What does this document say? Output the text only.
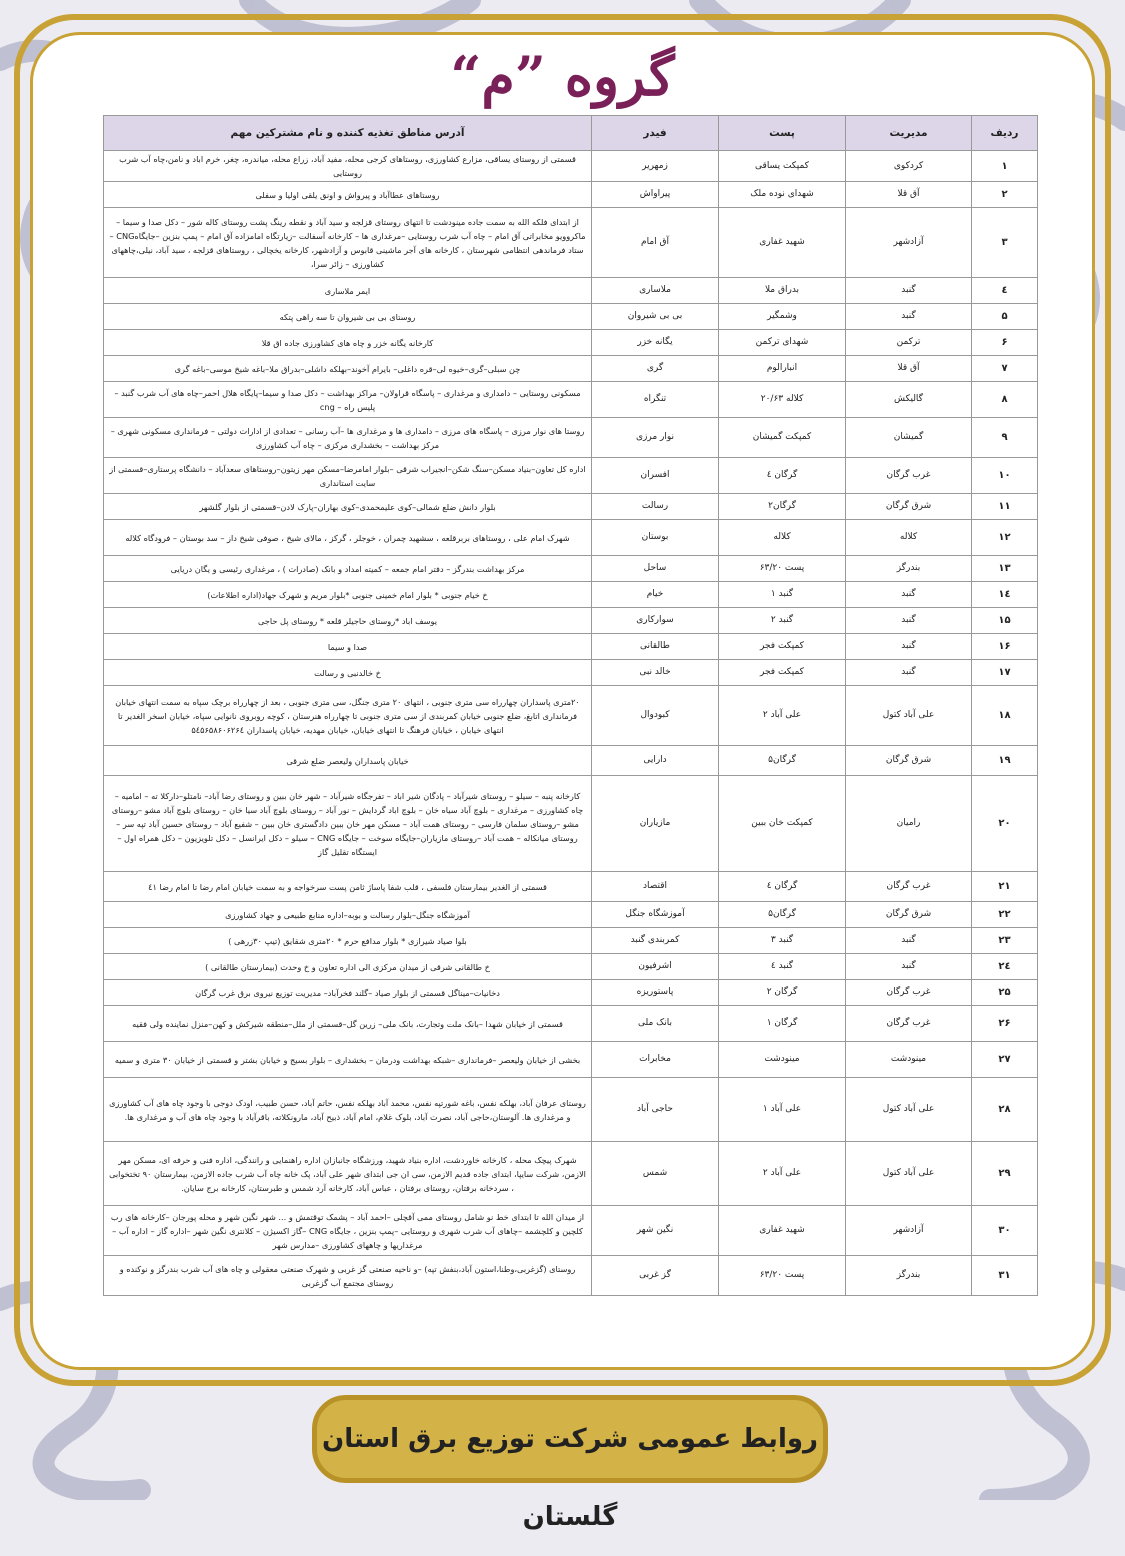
گروه ”م“
ردیف	مدیریت	پست	فیدر	آدرس مناطق تغذیه کننده و نام مشترکین مهم
۱	کردکوی	کمپکت یساقی	زمهریر	قسمتی از روستای یساقی، مزارع کشاورزی، روستاهای کرجی محله، مفید آباد، زراع محله، میاندره، چغر، خرم اباد و نامن،چاه آب شرب روستایی
۲	آق قلا	شهدای نوده ملک	پیراواش	روستاهای عطاآباد و پیرواش و اونق یلقی اولیا و سفلی
۳	آزادشهر	شهید غفاری	آق امام	از ابتدای فلکه الله به سمت جاده مینودشت تا انتهای روستای قزلجه و سید آباد و نقطه رینگ پشت روستای کاله شور – دکل صدا و سیما –ماکروویو مخابراتی آق امام – چاه آب شرب روستایی –مرغداری ها – کارخانه آسفالت –زیارتگاه امامزاده آق امام – پمپ بنزین –جایگاهCNG – ستاد فرماندهی انتظامی شهرستان ، کارخانه های آجر ماشینی قابوس و آزادشهر، کارخانه یخچالی ، روستاهای قزلجه ، سید آباد، نیلی،چاههای کشاورزی – زائر سرا،
٤	گنبد	بدراق ملا	ملاساری	ایمر ملاساری
۵	گنبد	وشمگیر	بی بی شیروان	روستای بی بی شیروان تا سه راهی پتکه
۶	ترکمن	شهدای ترکمن	یگانه خزر	کارخانه یگانه خزر و چاه های کشاورزی جاده اق قلا
۷	آق قلا	انبارالوم	گری	چن سبلی–گری–خیوه لی–قره داغلی– بایرام آخوند–بهلکه داشلی–بدراق ملا–باغه شیخ موسی–باغه گری
۸	گالیکش	کلاله ۲۰/۶۳	تنگراه	مسکونی روستایی – دامداری و مرغداری – پاسگاه قراولان– مراکز بهداشت – دکل صدا و سیما–پایگاه هلال احمر–چاه های آب شرب گنبد – پلیس راه – cng
۹	گمیشان	کمپکت گمیشان	نوار مرزی	روستا های نوار مرزی – پاسگاه های مرزی – دامداری ها و مرغداری ها –آب رسانی – تعدادی از ادارات دولتی – فرمانداری مسکونی شهری – مرکز بهداشت – بخشداری مرکزی – چاه آب کشاورزی
۱۰	غرب گرگان	گرگان ٤	افسران	اداره کل تعاون–بنیاد مسکن–سنگ شکن–انجیراب شرقی –بلوار امامرضا–مسکن مهر زیتون–روستاهای سعدآباد – دانشگاه پرستاری–قسمتی از سایت استانداری
۱۱	شرق گرگان	گرگان۲	رسالت	بلوار دانش ضلع شمالی–کوی علیمحمدی–کوی بهاران–پارک لادن–قسمتی از بلوار گلشهر
۱۲	کلاله	کلاله	بوستان	شهرک امام علی ، روستاهای بربرقلعه ، سشهید چمران ، خوجلر ، گرکز ، مالای شیخ ، صوفی شیخ داز – سد بوستان – فرودگاه کلاله
۱۳	بندرگز	پست ۶۳/۲۰	ساحل	مرکز بهداشت بندرگز – دفتر امام جمعه – کمیته امداد و بانک (صادرات ) ، مرغداری رئیسی و یگان دریایی
۱٤	گنبد	گنبد ۱	خیام	خ خیام جنوبی * بلوار امام خمینی جنوبی *بلوار مریم و شهرک جهاد(اداره اطلاعات)
۱۵	گنبد	گنبد ۲	سوارکاری	یوسف اباد *روستای حاجیلر قلعه * روستای پل حاجی
۱۶	گنبد	کمپکت فجر	طالقانی	صدا و سیما
۱۷	گنبد	کمپکت فجر	خالد نبی	خ خالدنبی و رسالت
۱۸	علی آباد کتول	علی آباد ۲	کبودوال	۲۰متری پاسداران چهارراه سی متری جنوبی ، انتهای ۲۰ متری جنگل، سی متری جنوبی ، بعد از چهارراه برچک سپاه به سمت انتهای خیابان فرمانداری اتابغ، ضلع جنوبی خیابان کمربندی از سی متری جنوبی تا چهارراه هنرستان ، کوچه روبروی نانوایی سپاه، خیابان اسخر الغدیر تا انتهای خیابان ، خیابان فرهنگ تا انتهای خیابان، خیابان مهدیه، خیابان پاسداران ۵٤۵۶۵۸۶۰۶۲۶٤
۱۹	شرق گرگان	گرگان۵	دارایی	خیابان پاسداران ولیعصر ضلع شرقی
۲۰	رامیان	کمپکت خان ببین	مازیاران	کارخانه پنبه – سیلو – روستای شیرآباد – پادگان شیر اباد – تفرجگاه شیرآباد – شهر خان ببین و روستای رضا آباد– نامتلو–دارکلا ته – امامیه – چاه کشاورزی – مرغداری – بلوچ آباد سیاه خان – بلوچ اباد گردایش – نور آباد – روستای بلوچ آباد سیا خان – روستای بلوچ آباد مشو –روستای مشو –روستای سلمان فارسی – روستای همت آباد – مسکن مهر خان ببین دادگستری خان ببین – شفیع آباد – روستای حسین آباد تپه سر – روستای میانکاله – همت آباد –روستای مازیاران–جایگاه سوخت – جایگاه CNG – سیلو – دکل ایرانسل – دکل تلویزیون – دکل همراه اول – ایستگاه تقلیل گاز
۲۱	غرب گرگان	گرگان ٤	اقتصاد	قسمتی از الغدیر بیمارستان فلسفی ، قلب شفا پاساژ ثامن پست سرخواجه و به سمت خیابان امام رضا تا امام رضا ٤۱
۲۲	شرق گرگان	گرگان۵	آموزشگاه جنگل	آموزشگاه جنگل–بلوار رسالت و بوبه–اداره منابع طبیعی و جهاد کشاورزی
۲۳	گنبد	گنبد ۳	کمربندی گنبد	بلوا صیاد شیرازی * بلوار مدافع حرم * ۲۰متری شقایق (تیپ ۳۰زرهی )
۲٤	گنبد	گنبد ٤	اشرفیون	خ طالقانی شرقی از میدان مرکزی الی اداره تعاون و خ وحدت (بیمارستان طالقانی )
۲۵	غرب گرگان	گرگان ۲	پاستوریزه	دخانیات–میناگل قسمتی از بلوار صیاد –گلند فخرآباد– مدیریت توزیع نیروی برق غرب گرگان
۲۶	غرب گرگان	گرگان ۱	بانک ملی	قسمتی از خیابان شهدا –بانک ملت وتجارت، بانک ملی– زرین گل–قسمتی از ملل–منطقه شیرکش و کهن–منزل نماینده ولی فقیه
۲۷	مینودشت	مینودشت	مخابرات	بخشی از خیابان ولیعصر –فرمانداری –شبکه بهداشت ودرمان – بخشداری – بلوار بسیج و خیابان بشتر و قسمتی از خیابان ۳۰ متری و سمیه
۲۸	علی آباد کتول	علی آباد ۱	حاجی آباد	روستای عرفان آباد، بهلکه نفس، باغه شورتپه نفس، محمد آباد بهلکه نفس، حاتم آباد، حسن طبیب، اودک دوجی با وجود چاه های آب کشاورزی و مرغداری ها. آلوستان،حاجی آباد، نصرت آباد، بلوک غلام، امام آباد، ذبیح آباد، مارونکلاته، باقرآباد با وجود چاه های آب و مرغداری ها.
۲۹	علی آباد کتول	علی آباد ۲	شمس	شهرک پیچک محله ، کارخانه خاوردشت، اداره بنیاد شهید، ورزشگاه جانبازان اداره راهنمایی و رانندگی، اداره فنی و حرفه ای، مسکن مهر الازمن، شرکت سایپا، ابتدای جاده قدیم الازمن، سی ان جی ابتدای شهر علی آباد، پک خانه چاه آب شرب جاده الازمن، بیمارستان ۹۰ تختخوابی ، سردخانه برفتان، روستای برفتان ، عباس آباد، کارخانه آرد شمس و طبرستان، کارخانه برج سایان.
۳۰	آزادشهر	شهید غفاری	نگین شهر	از میدان الله تا ابتدای خط نو شامل روستای ممی آقچلی –احمد آباد – پشمک توقتمش و ... شهر نگین شهر و محله پورجان –کارخانه های رب کلچین و کلچشمه –چاهای آب شرب شهری و روستایی –پمپ بنزین ، جایگاه CNG –گاز اکسیژن – کلانتری نگین شهر –اداره گاز – اداره آب – مرغداریها و چاههای کشاورزی –مدارس شهر
۳۱	بندرگز	پست ۶۳/۲۰	گز غربی	روستای (گزغربی،وطنا،استون آباد،بنفش تپه) –و ناحیه صنعتی گز غربی و شهرک صنعتی معقولی و چاه های آب شرب بندرگز و نوکنده و روستای مجتمع آب گزغربی
روابط عمومی شرکت توزیع برق استان گلستان
